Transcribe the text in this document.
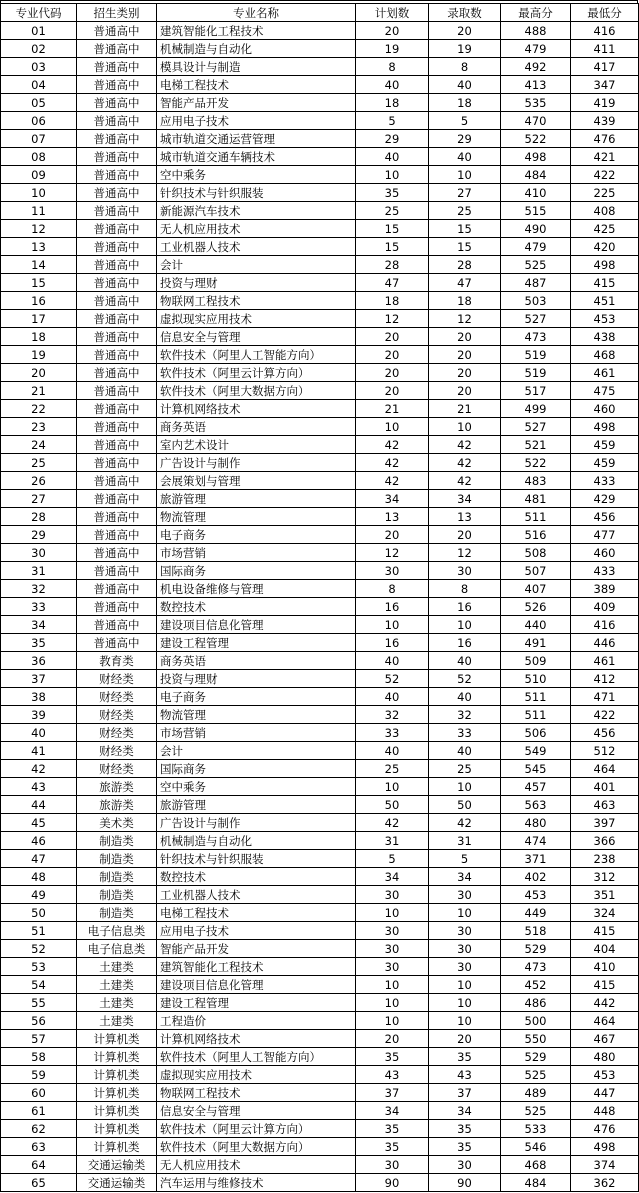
专业代码	招生类别	专业名称	计划数	录取数	最高分	最低分
01	普通高中	建筑智能化工程技术	20	20	488	416
02	普通高中	机械制造与自动化	19	19	479	411
03	普通高中	模具设计与制造	8	8	492	417
04	普通高中	电梯工程技术	40	40	413	347
05	普通高中	智能产品开发	18	18	535	419
06	普通高中	应用电子技术	5	5	470	439
07	普通高中	城市轨道交通运营管理	29	29	522	476
08	普通高中	城市轨道交通车辆技术	40	40	498	421
09	普通高中	空中乘务	10	10	484	422
10	普通高中	针织技术与针织服装	35	27	410	225
11	普通高中	新能源汽车技术	25	25	515	408
12	普通高中	无人机应用技术	15	15	490	425
13	普通高中	工业机器人技术	15	15	479	420
14	普通高中	会计	28	28	525	498
15	普通高中	投资与理财	47	47	487	415
16	普通高中	物联网工程技术	18	18	503	451
17	普通高中	虚拟现实应用技术	12	12	527	453
18	普通高中	信息安全与管理	20	20	473	438
19	普通高中	软件技术（阿里人工智能方向）	20	20	519	468
20	普通高中	软件技术（阿里云计算方向）	20	20	519	461
21	普通高中	软件技术（阿里大数据方向）	20	20	517	475
22	普通高中	计算机网络技术	21	21	499	460
23	普通高中	商务英语	10	10	527	498
24	普通高中	室内艺术设计	42	42	521	459
25	普通高中	广告设计与制作	42	42	522	459
26	普通高中	会展策划与管理	42	42	483	433
27	普通高中	旅游管理	34	34	481	429
28	普通高中	物流管理	13	13	511	456
29	普通高中	电子商务	20	20	516	477
30	普通高中	市场营销	12	12	508	460
31	普通高中	国际商务	30	30	507	433
32	普通高中	机电设备维修与管理	8	8	407	389
33	普通高中	数控技术	16	16	526	409
34	普通高中	建设项目信息化管理	10	10	440	416
35	普通高中	建设工程管理	16	16	491	446
36	教育类	商务英语	40	40	509	461
37	财经类	投资与理财	52	52	510	412
38	财经类	电子商务	40	40	511	471
39	财经类	物流管理	32	32	511	422
40	财经类	市场营销	33	33	506	456
41	财经类	会计	40	40	549	512
42	财经类	国际商务	25	25	545	464
43	旅游类	空中乘务	10	10	457	401
44	旅游类	旅游管理	50	50	563	463
45	美术类	广告设计与制作	42	42	480	397
46	制造类	机械制造与自动化	31	31	474	366
47	制造类	针织技术与针织服装	5	5	371	238
48	制造类	数控技术	34	34	402	312
49	制造类	工业机器人技术	30	30	453	351
50	制造类	电梯工程技术	10	10	449	324
51	电子信息类	应用电子技术	30	30	518	415
52	电子信息类	智能产品开发	30	30	529	404
53	土建类	建筑智能化工程技术	30	30	473	410
54	土建类	建设项目信息化管理	10	10	452	415
55	土建类	建设工程管理	10	10	486	442
56	土建类	工程造价	10	10	500	464
57	计算机类	计算机网络技术	20	20	550	467
58	计算机类	软件技术（阿里人工智能方向）	35	35	529	480
59	计算机类	虚拟现实应用技术	43	43	525	453
60	计算机类	物联网工程技术	37	37	489	447
61	计算机类	信息安全与管理	34	34	525	448
62	计算机类	软件技术（阿里云计算方向）	35	35	533	476
63	计算机类	软件技术（阿里大数据方向）	35	35	546	498
64	交通运输类	无人机应用技术	30	30	468	374
65	交通运输类	汽车运用与维修技术	90	90	484	362
